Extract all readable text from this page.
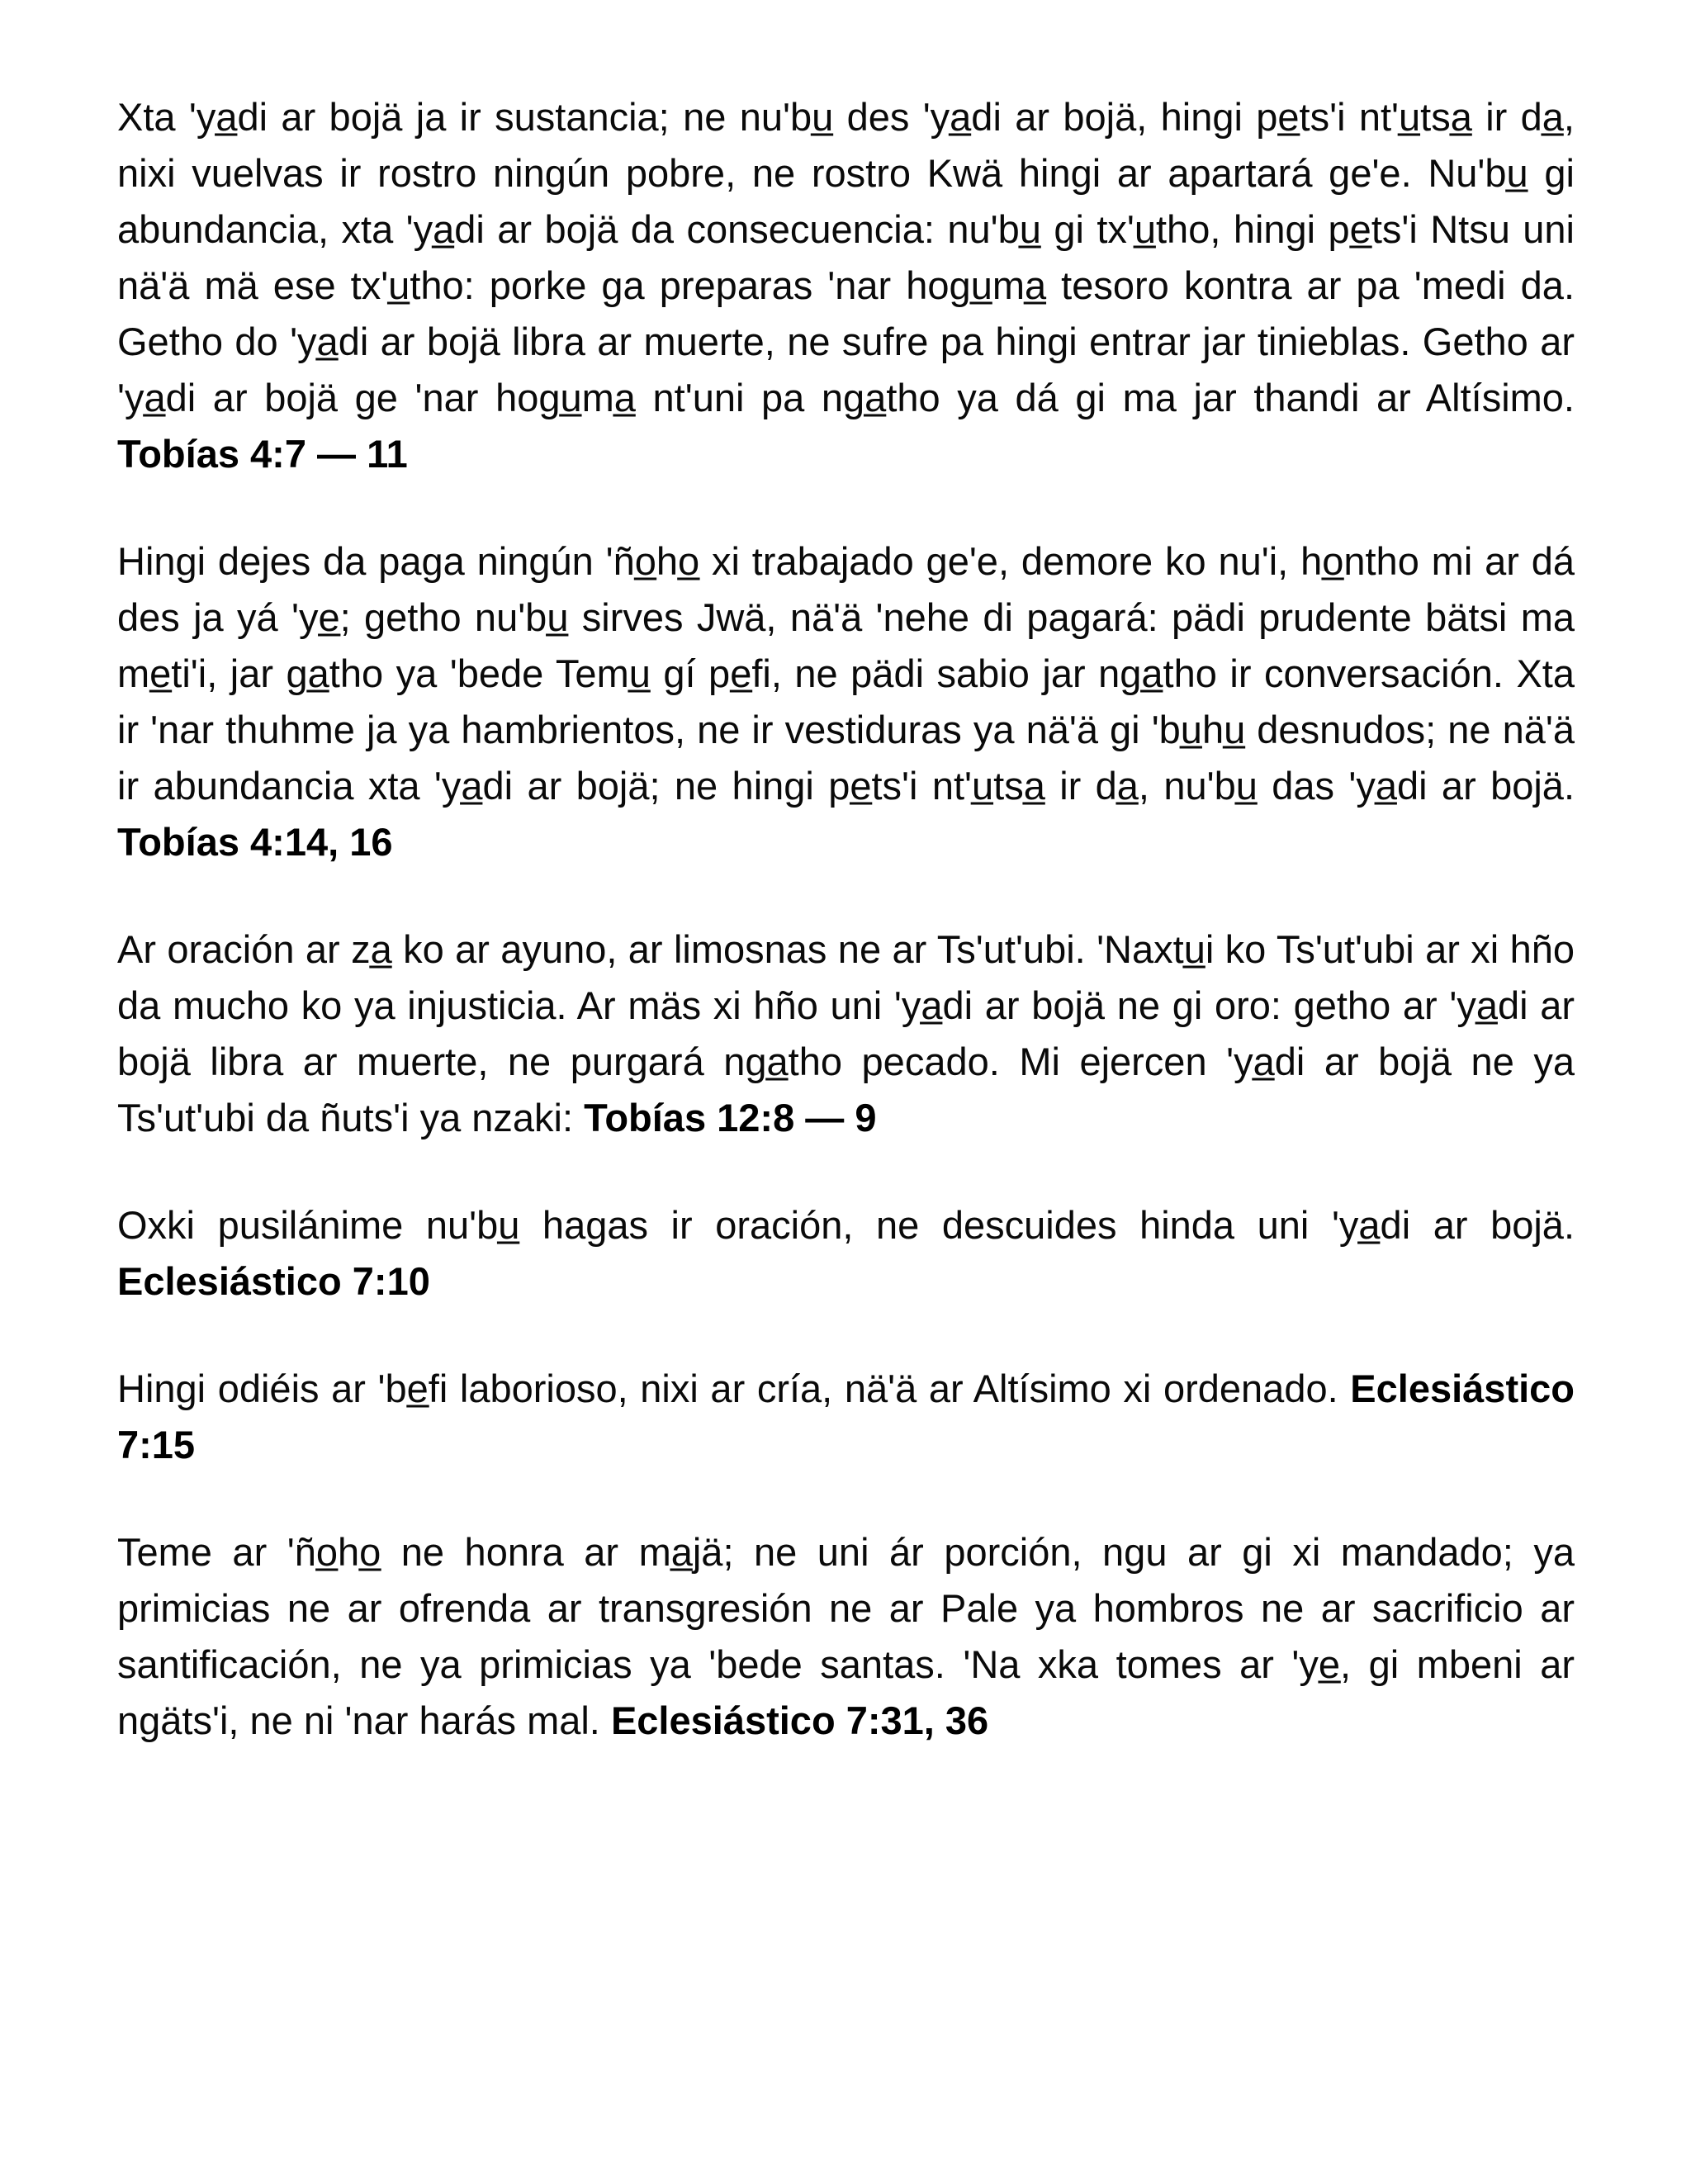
Xta 'ya̲di ar bojä ja ir sustancia; ne nu'bu̲ des 'ya̲di ar bojä, hingi pe̲ts'i nt'u̲tsa̲ ir da̲, nixi vuelvas ir rostro ningún pobre, ne rostro Kwä hingi ar apartará ge'e. Nu'bu̲ gi abundancia, xta 'ya̲di ar bojä da consecuencia: nu'bu̲ gi tx'u̲tho, hingi pe̲ts'i Ntsu uni nä'ä mä ese tx'u̲tho: porke ga preparas 'nar hogu̲ma̲ tesoro kontra ar pa 'medi da. Getho do 'ya̲di ar bojä libra ar muerte, ne sufre pa hingi entrar jar tinieblas. Getho ar 'ya̲di ar bojä ge 'nar hogu̲ma̲ nt'uni pa nga̲tho ya dá gi ma jar thandi ar Altísimo. Tobías 4:7 — 11

Hingi dejes da paga ningún 'ño̲ho̲ xi trabajado ge'e, demore ko nu'i, ho̲ntho mi ar dá des ja yá 'ye̲; getho nu'bu̲ sirves Jwä, nä'ä 'nehe di pagará: pädi prudente bätsi ma me̲ti'i, jar ga̲tho ya 'bede Temu̲ gí pe̲fi, ne pädi sabio jar nga̲tho ir conversación. Xta ir 'nar thuhme ja ya hambrientos, ne ir vestiduras ya nä'ä gi 'bu̲hu̲ desnudos; ne nä'ä ir abundancia xta 'ya̲di ar bojä; ne hingi pe̲ts'i nt'u̲tsa̲ ir da̲, nu'bu̲ das 'ya̲di ar bojä. Tobías 4:14, 16

Ar oración ar za̲ ko ar ayuno, ar limosnas ne ar Ts'ut'ubi. 'Naxtu̲i ko Ts'ut'ubi ar xi hño da mucho ko ya injusticia. Ar mäs xi hño uni 'ya̲di ar bojä ne gi oro: getho ar 'ya̲di ar bojä libra ar muerte, ne purgará nga̲tho pecado. Mi ejercen 'ya̲di ar bojä ne ya Ts'ut'ubi da ñuts'i ya nzaki: Tobías 12:8 — 9

Oxki pusilánime nu'bu̲ hagas ir oración, ne descuides hinda uni 'ya̲di ar bojä. Eclesiástico 7:10

Hingi odiéis ar 'be̲fi laborioso, nixi ar cría, nä'ä ar Altísimo xi ordenado. Eclesiástico 7:15

Teme ar 'ño̲ho̲ ne honra ar ma̲jä; ne uni ár porción, ngu ar gi xi mandado; ya primicias ne ar ofrenda ar transgresión ne ar Pale ya hombros ne ar sacrificio ar santificación, ne ya primicias ya 'bede santas. 'Na xka tomes ar 'ye̲, gi mbeni ar ngäts'i, ne ni 'nar harás mal. Eclesiástico 7:31, 36
